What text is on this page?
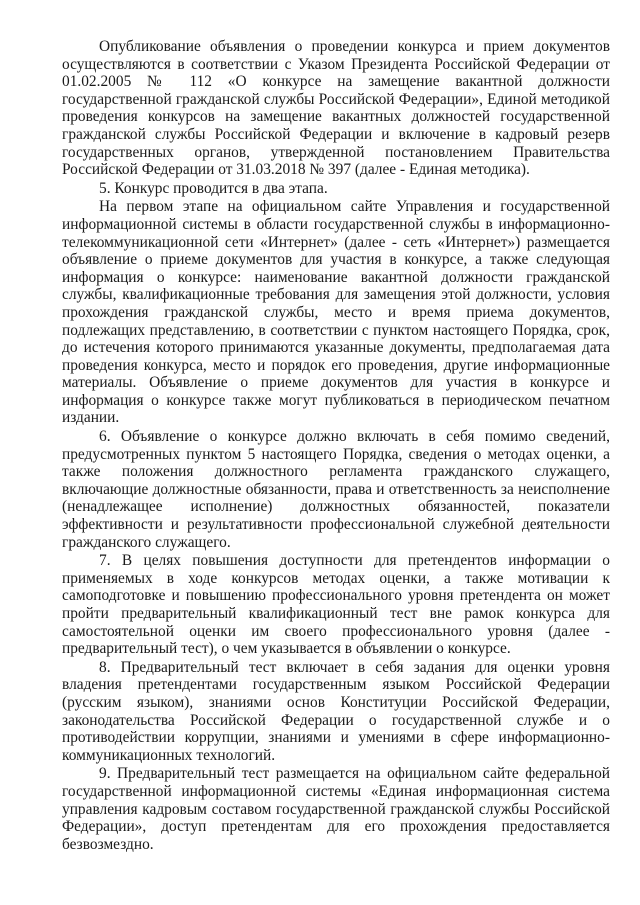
Опубликование объявления о проведении конкурса и прием документов осуществляются в соответствии с Указом Президента Российской Федерации от 01.02.2005 № 112 «О конкурсе на замещение вакантной должности государственной гражданской службы Российской Федерации», Единой методикой проведения конкурсов на замещение вакантных должностей государственной гражданской службы Российской Федерации и включение в кадровый резерв государственных органов, утвержденной постановлением Правительства Российской Федерации от 31.03.2018 № 397 (далее - Единая методика).

5. Конкурс проводится в два этапа.

На первом этапе на официальном сайте Управления и государственной информационной системы в области государственной службы в информационно-телекоммуникационной сети «Интернет» (далее - сеть «Интернет») размещается объявление о приеме документов для участия в конкурсе, а также следующая информация о конкурсе: наименование вакантной должности гражданской службы, квалификационные требования для замещения этой должности, условия прохождения гражданской службы, место и время приема документов, подлежащих представлению, в соответствии с пунктом настоящего Порядка, срок, до истечения которого принимаются указанные документы, предполагаемая дата проведения конкурса, место и порядок его проведения, другие информационные материалы. Объявление о приеме документов для участия в конкурсе и информация о конкурсе также могут публиковаться в периодическом печатном издании.

6. Объявление о конкурсе должно включать в себя помимо сведений, предусмотренных пунктом 5 настоящего Порядка, сведения о методах оценки, а также положения должностного регламента гражданского служащего, включающие должностные обязанности, права и ответственность за неисполнение (ненадлежащее исполнение) должностных обязанностей, показатели эффективности и результативности профессиональной служебной деятельности гражданского служащего.

7. В целях повышения доступности для претендентов информации о применяемых в ходе конкурсов методах оценки, а также мотивации к самоподготовке и повышению профессионального уровня претендента он может пройти предварительный квалификационный тест вне рамок конкурса для самостоятельной оценки им своего профессионального уровня (далее - предварительный тест), о чем указывается в объявлении о конкурсе.

8. Предварительный тест включает в себя задания для оценки уровня владения претендентами государственным языком Российской Федерации (русским языком), знаниями основ Конституции Российской Федерации, законодательства Российской Федерации о государственной службе и о противодействии коррупции, знаниями и умениями в сфере информационно-коммуникационных технологий.

9. Предварительный тест размещается на официальном сайте федеральной государственной информационной системы «Единая информационная система управления кадровым составом государственной гражданской службы Российской Федерации», доступ претендентам для его прохождения предоставляется безвозмездно.
